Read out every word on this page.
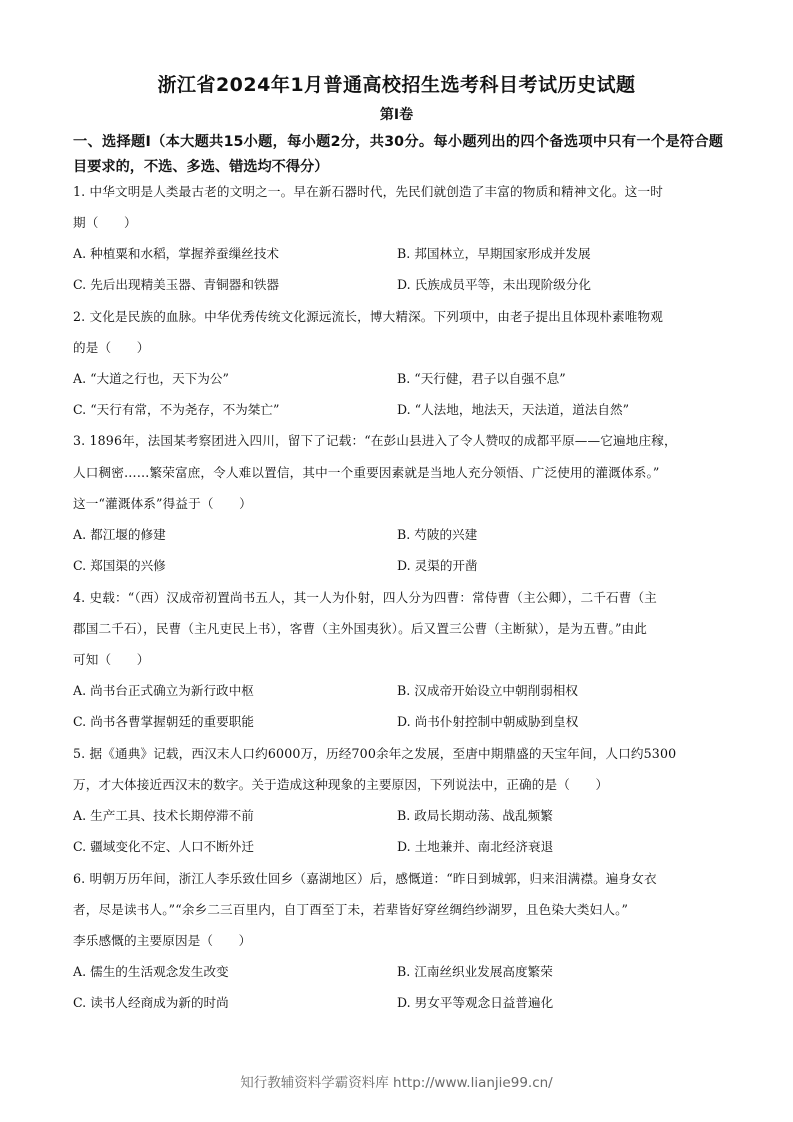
浙江省2024年1月普通高校招生选考科目考试历史试题
第Ⅰ卷
一、选择题Ⅰ（本大题共15小题，每小题2分，共30分。每小题列出的四个备选项中只有一个是符合题目要求的，不选、多选、错选均不得分）
1. 中华文明是人类最古老的文明之一。早在新石器时代，先民们就创造了丰富的物质和精神文化。这一时
期（　　）
A. 种植粟和水稻，掌握养蚕缫丝技术	B. 邦国林立，早期国家形成并发展
C. 先后出现精美玉器、青铜器和铁器	D. 氏族成员平等，未出现阶级分化
2. 文化是民族的血脉。中华优秀传统文化源远流长，博大精深。下列项中，由老子提出且体现朴素唯物观
的是（　　）
A. “大道之行也，天下为公”	B. “天行健，君子以自强不息”
C. “天行有常，不为尧存，不为桀亡”	D. “人法地，地法天，天法道，道法自然”
3. 1896年，法国某考察团进入四川，留下了记载：“在彭山县进入了令人赞叹的成都平原——它遍地庄稼，
人口稠密……繁荣富庶，令人难以置信，其中一个重要因素就是当地人充分领悟、广泛使用的灌溉体系。”
这一“灌溉体系”得益于（　　）
A. 都江堰的修建	B. 芍陂的兴建
C. 郑国渠的兴修	D. 灵渠的开凿
4. 史载：“（西）汉成帝初置尚书五人，其一人为仆射，四人分为四曹：常侍曹（主公卿），二千石曹（主
郡国二千石），民曹（主凡吏民上书），客曹（主外国夷狄）。后又置三公曹（主断狱），是为五曹。”由此
可知（　　）
A. 尚书台正式确立为新行政中枢	B. 汉成帝开始设立中朝削弱相权
C. 尚书各曹掌握朝廷的重要职能	D. 尚书仆射控制中朝威胁到皇权
5. 据《通典》记载，西汉末人口约6000万，历经700余年之发展，至唐中期鼎盛的天宝年间，人口约5300
万，才大体接近西汉末的数字。关于造成这种现象的主要原因，下列说法中，正确的是（　　）
A. 生产工具、技术长期停滞不前	B. 政局长期动荡、战乱频繁
C. 疆域变化不定、人口不断外迁	D. 土地兼并、南北经济衰退
6. 明朝万历年间，浙江人李乐致仕回乡（嘉湖地区）后，感慨道：“昨日到城郭，归来泪满襟。遍身女衣
者，尽是读书人。”“余乡二三百里内，自丁酉至丁未，若辈皆好穿丝绸绉纱湖罗，且色染大类妇人。”
李乐感慨的主要原因是（　　）
A. 儒生的生活观念发生改变	B. 江南丝织业发展高度繁荣
C. 读书人经商成为新的时尚	D. 男女平等观念日益普遍化
知行教辅资料学霸资料库 http://www.lianjie99.cn/
